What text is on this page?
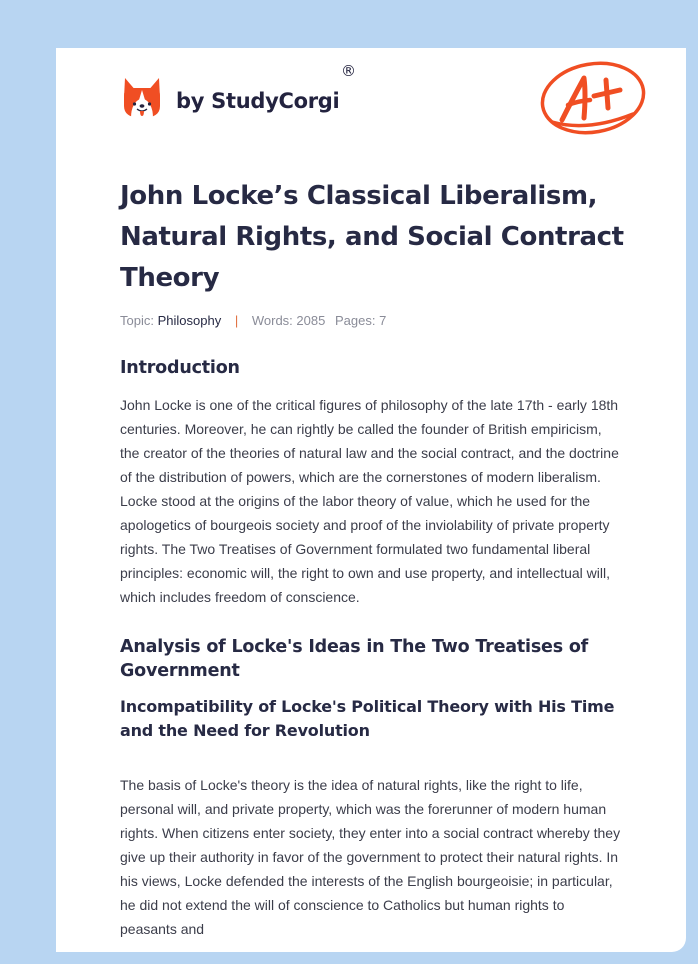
by StudyCorgi
®
John Locke’s Classical Liberalism, Natural Rights, and Social Contract Theory
Topic: Philosophy | Words: 2085 Pages: 7
Introduction

John Locke is one of the critical figures of philosophy of the late 17th - early 18th centuries. Moreover, he can rightly be called the founder of British empiricism, the creator of the theories of natural law and the social contract, and the doctrine of the distribution of powers, which are the cornerstones of modern liberalism. Locke stood at the origins of the labor theory of value, which he used for the apologetics of bourgeois society and proof of the inviolability of private property rights. The Two Treatises of Government formulated two fundamental liberal principles: economic will, the right to own and use property, and intellectual will, which includes freedom of conscience.

Analysis of Locke's Ideas in The Two Treatises of Government
Incompatibility of Locke's Political Theory with His Time and the Need for Revolution

The basis of Locke's theory is the idea of natural rights, like the right to life, personal will, and private property, which was the forerunner of modern human rights. When citizens enter society, they enter into a social contract whereby they give up their authority in favor of the government to protect their natural rights. In his views, Locke defended the interests of the English bourgeoisie; in particular, he did not extend the will of conscience to Catholics but human rights to peasants and
